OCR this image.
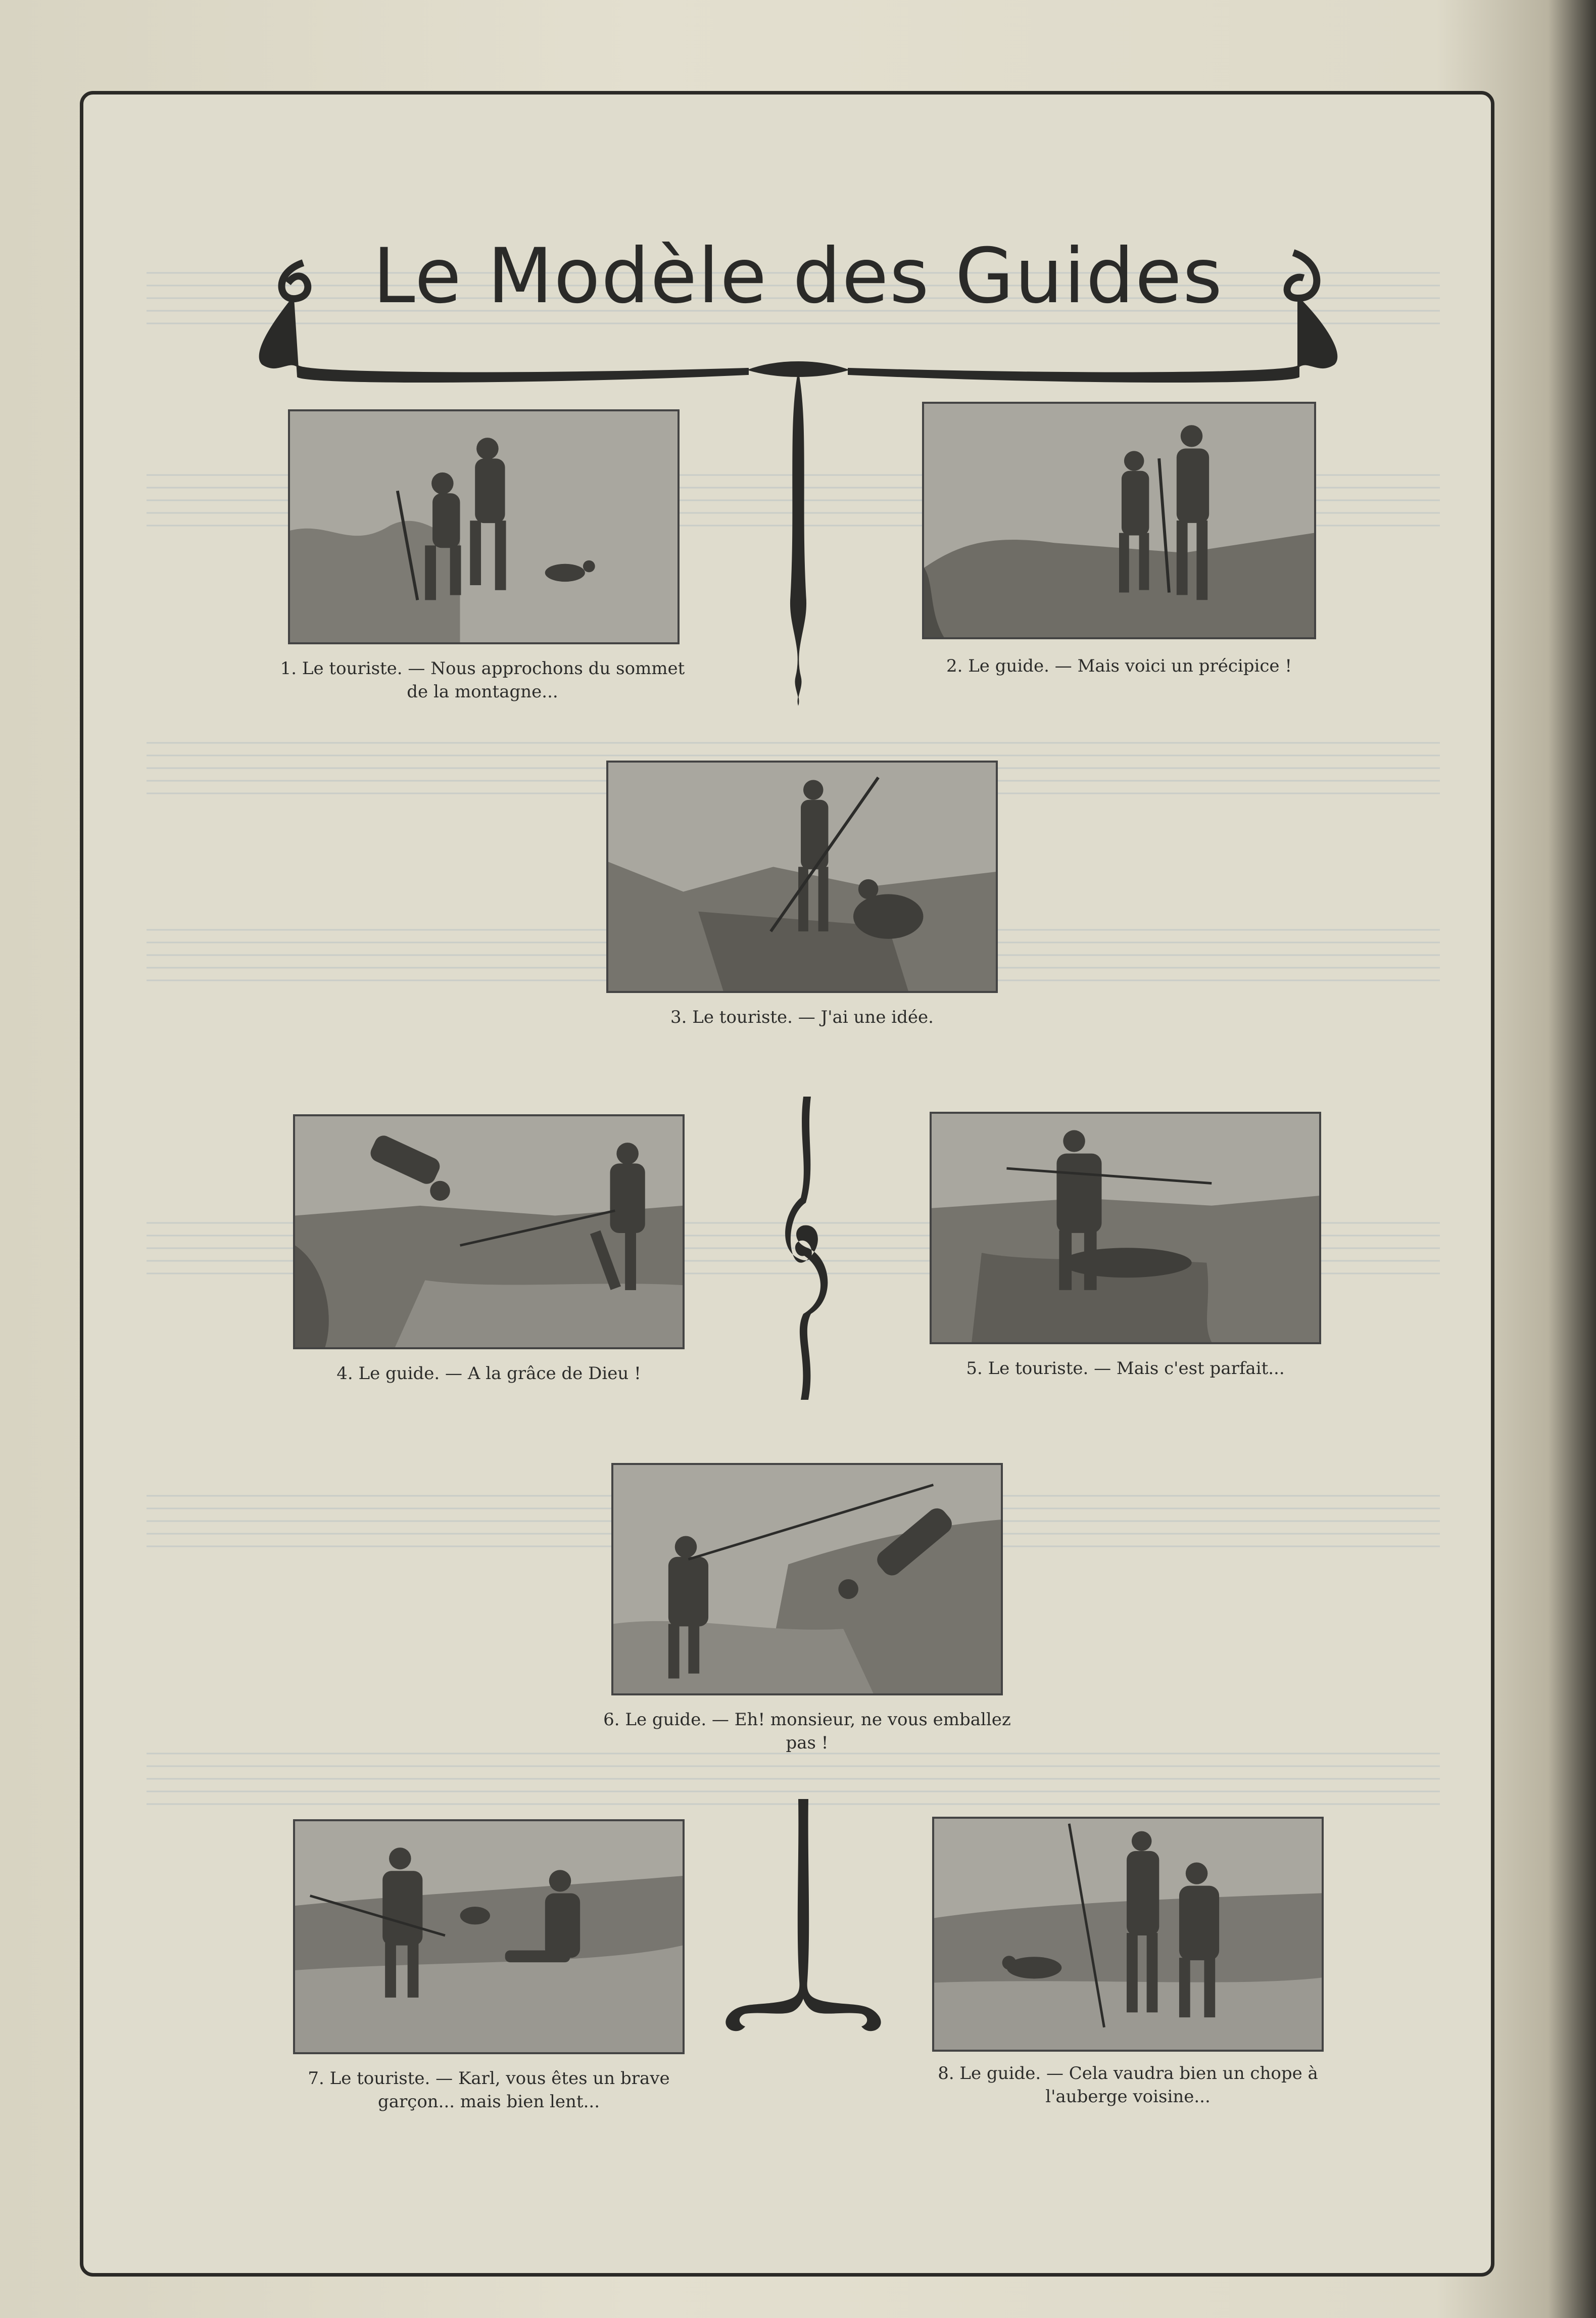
Le Modèle des Guides
1. Le touriste. — Nous approchons du sommet de la montagne...
2. Le guide. — Mais voici un précipice !
3. Le touriste. — J'ai une idée.
4. Le guide. — A la grâce de Dieu !	5. Le touriste. — Mais c'est parfait...
6. Le guide. — Eh! monsieur, ne vous emballez pas !
7. Le touriste. — Karl, vous êtes un brave garçon... mais bien lent...
8. Le guide. — Cela vaudra bien un chope à l'auberge voisine...
